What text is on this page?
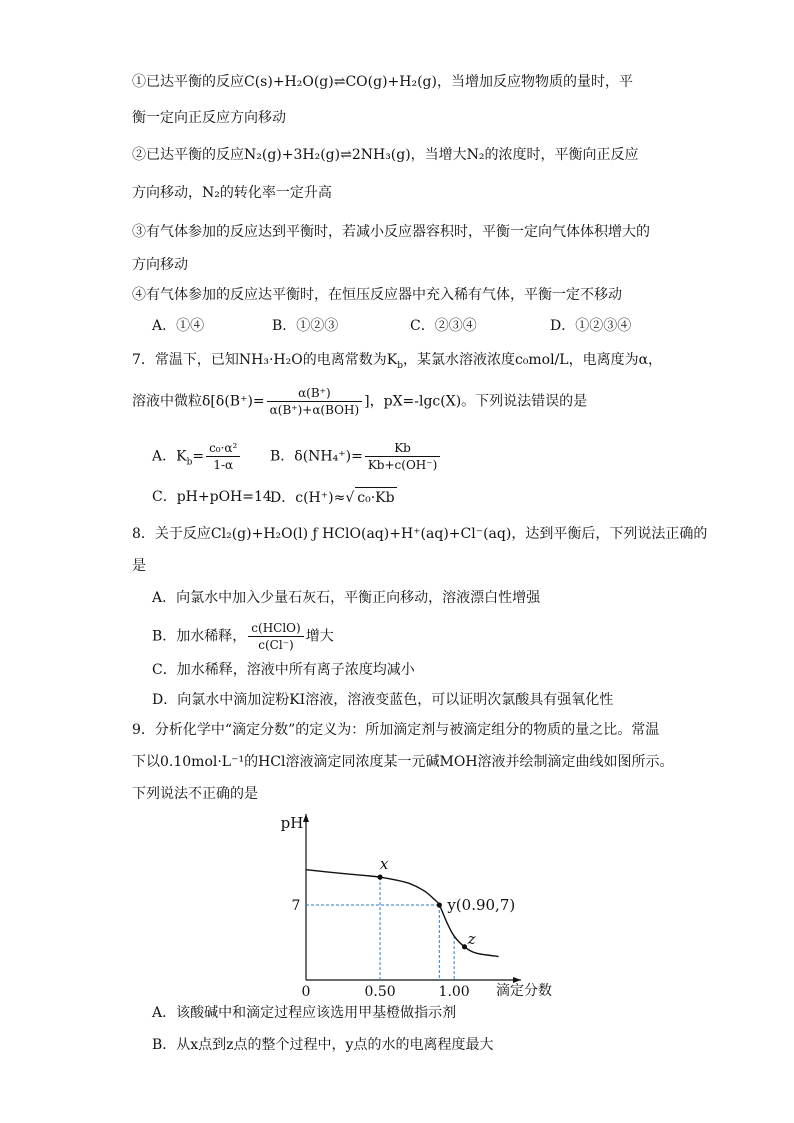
①已达平衡的反应C(s)+H₂O(g)⇌CO(g)+H₂(g)，当增加反应物物质的量时，平
衡一定向正反应方向移动
②已达平衡的反应N₂(g)+3H₂(g)⇌2NH₃(g)，当增大N₂的浓度时，平衡向正反应
方向移动，N₂的转化率一定升高
③有气体参加的反应达到平衡时，若减小反应器容积时，平衡一定向气体体积增大的
方向移动
④有气体参加的反应达平衡时，在恒压反应器中充入稀有气体，平衡一定不移动
A．①④	B．①②③	C．②③④	D．①②③④
7．常温下，已知NH₃·H₂O的电离常数为$K_b$，某氯水溶液浓度c₀mol/L，电离度为α，
溶液中微粒$\delta[\delta(B^+)= \frac{\alpha(B^+)}{\text{α(B⁺)+α(BOH)}}$ ]，pX=-lgc(X)。下列说法错误的是
A．$K_b= \frac{\text{c₀·α²}}{1-\alpha}$ B．$\delta(NH_4^+)= \frac{Kb}{Kb+c(OH^-)}$
C．pH+pOH=14
D．c(H⁺)≈√ c₀·Kb
8．关于反应Cl₂(g)+H₂O(l) ƒ HClO(aq)+H⁺(aq)+Cl⁻(aq)，达到平衡后，下列说法正确的
是
A．向氯水中加入少量石灰石，平衡正向移动，溶液漂白性增强
B．加水稀释， $\frac{\text{c(HClO)}}{c(Cl^-)}$ 增大
C．加水稀释，溶液中所有离子浓度均减小
D．向氯水中滴加淀粉KI溶液，溶液变蓝色，可以证明次氯酸具有强氧化性
9．分析化学中“滴定分数”的定义为：所加滴定剂与被滴定组分的物质的量之比。常温
下以0.10mol·L⁻¹的HCl溶液滴定同浓度某一元碱MOH溶液并绘制滴定曲线如图所示。
下列说法不正确的是
pH
滴定分数
0	0.50	1.00
7
x
y(0.90,7)
z
A．该酸碱中和滴定过程应该选用甲基橙做指示剂
B．从x点到z点的整个过程中，y点的水的电离程度最大
